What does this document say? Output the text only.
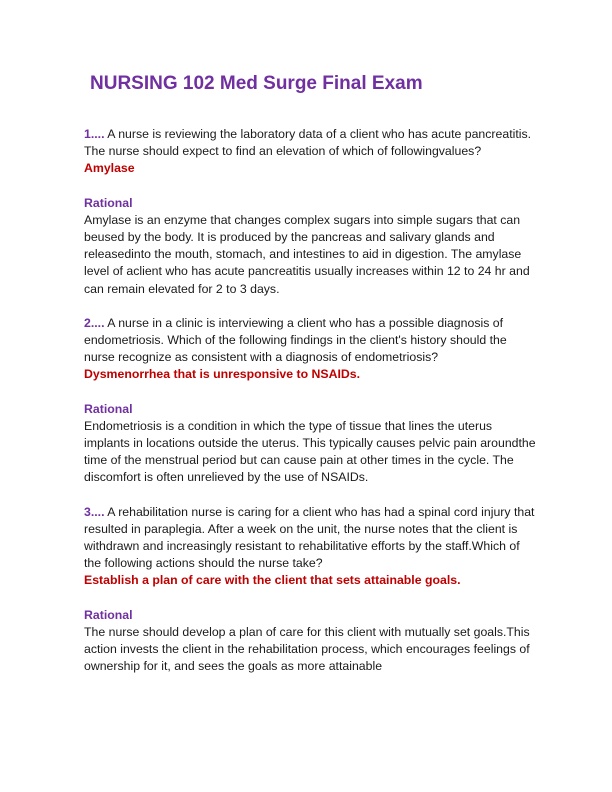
NURSING 102 Med Surge Final Exam

1.... A nurse is reviewing the laboratory data of a client who has acute pancreatitis. The nurse should expect to find an elevation of which of followingvalues?

Amylase

Rational

Amylase is an enzyme that changes complex sugars into simple sugars that can beused by the body. It is produced by the pancreas and salivary glands and releasedinto the mouth, stomach, and intestines to aid in digestion. The amylase level of aclient who has acute pancreatitis usually increases within 12 to 24 hr and can remain elevated for 2 to 3 days.

2.... A nurse in a clinic is interviewing a client who has a possible diagnosis of endometriosis. Which of the following findings in the client's history should the nurse recognize as consistent with a diagnosis of endometriosis?

Dysmenorrhea that is unresponsive to NSAIDs.

Rational

Endometriosis is a condition in which the type of tissue that lines the uterus implants in locations outside the uterus. This typically causes pelvic pain aroundthe time of the menstrual period but can cause pain at other times in the cycle. The discomfort is often unrelieved by the use of NSAIDs.

3.... A rehabilitation nurse is caring for a client who has had a spinal cord injury that resulted in paraplegia. After a week on the unit, the nurse notes that the client is withdrawn and increasingly resistant to rehabilitative efforts by the staff.Which of the following actions should the nurse take?

Establish a plan of care with the client that sets attainable goals.

Rational

The nurse should develop a plan of care for this client with mutually set goals.This action invests the client in the rehabilitation process, which encourages feelings of ownership for it, and sees the goals as more attainable
